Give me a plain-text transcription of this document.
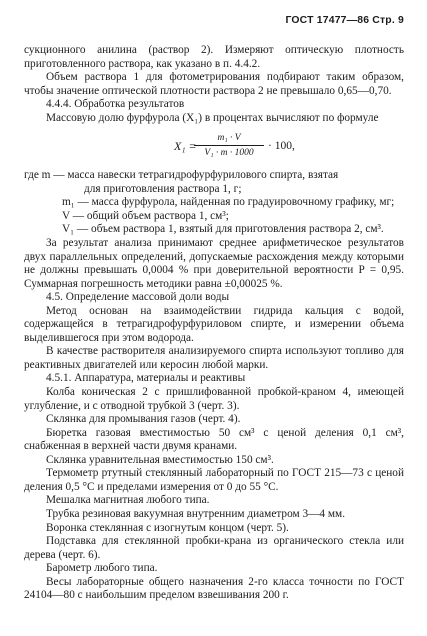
ГОСТ 17477—86 Стр. 9

сукционного анилина (раствор 2). Измеряют оптическую плотность приготовленного раствора, как указано в п. 4.4.2.

Объем раствора 1 для фотометрирования подбирают таким образом, чтобы значение оптической плотности раствора 2 не превышало 0,65—0,70.

4.4.4. Обработка результатов

Массовую долю фурфурола (X₁) в процентах вычисляют по формуле

X₁ =
$\frac{\text{m₁ · V}}{\text{V₁ · m · 1000}} \cdot 100$,

где m — масса навески тетрагидрофурфурилового спирта, взятая

для приготовления раствора 1, г;

m₁ — масса фурфурола, найденная по градуировочному графику, мг;

V — общий объем раствора 1, см³;

V₁ — объем раствора 1, взятый для приготовления раствора 2, см³.

За результат анализа принимают среднее арифметическое результатов двух параллельных определений, допускаемые расхождения между которыми не должны превышать 0,0004 % при доверительной вероятности P = 0,95. Суммарная погрешность методики равна ±0,00025 %.

4.5. Определение массовой доли воды

Метод основан на взаимодействии гидрида кальция с водой, содержащейся в тетрагидрофурфуриловом спирте, и измерении объема выделившегося при этом водорода.

В качестве растворителя анализируемого спирта используют топливо для реактивных двигателей или керосин любой марки.

4.5.1. Аппаратура, материалы и реактивы

Колба коническая 2 с пришлифованной пробкой-краном 4, имеющей углубление, и с отводной трубкой 3 (черт. 3).

Склянка для промывания газов (черт. 4).

Бюретка газовая вместимостью 50 см³ с ценой деления 0,1 см³, снабженная в верхней части двумя кранами.

Склянка уравнительная вместимостью 150 см³.

Термометр ртутный стеклянный лабораторный по ГОСТ 215—73 с ценой деления 0,5 °С и пределами измерения от 0 до 55 °С.

Мешалка магнитная любого типа.

Трубка резиновая вакуумная внутренним диаметром 3—4 мм.

Воронка стеклянная с изогнутым концом (черт. 5).

Подставка для стеклянной пробки-крана из органического стекла или дерева (черт. 6).

Барометр любого типа.

Весы лабораторные общего назначения 2-го класса точности по ГОСТ 24104—80 с наибольшим пределом взвешивания 200 г.
